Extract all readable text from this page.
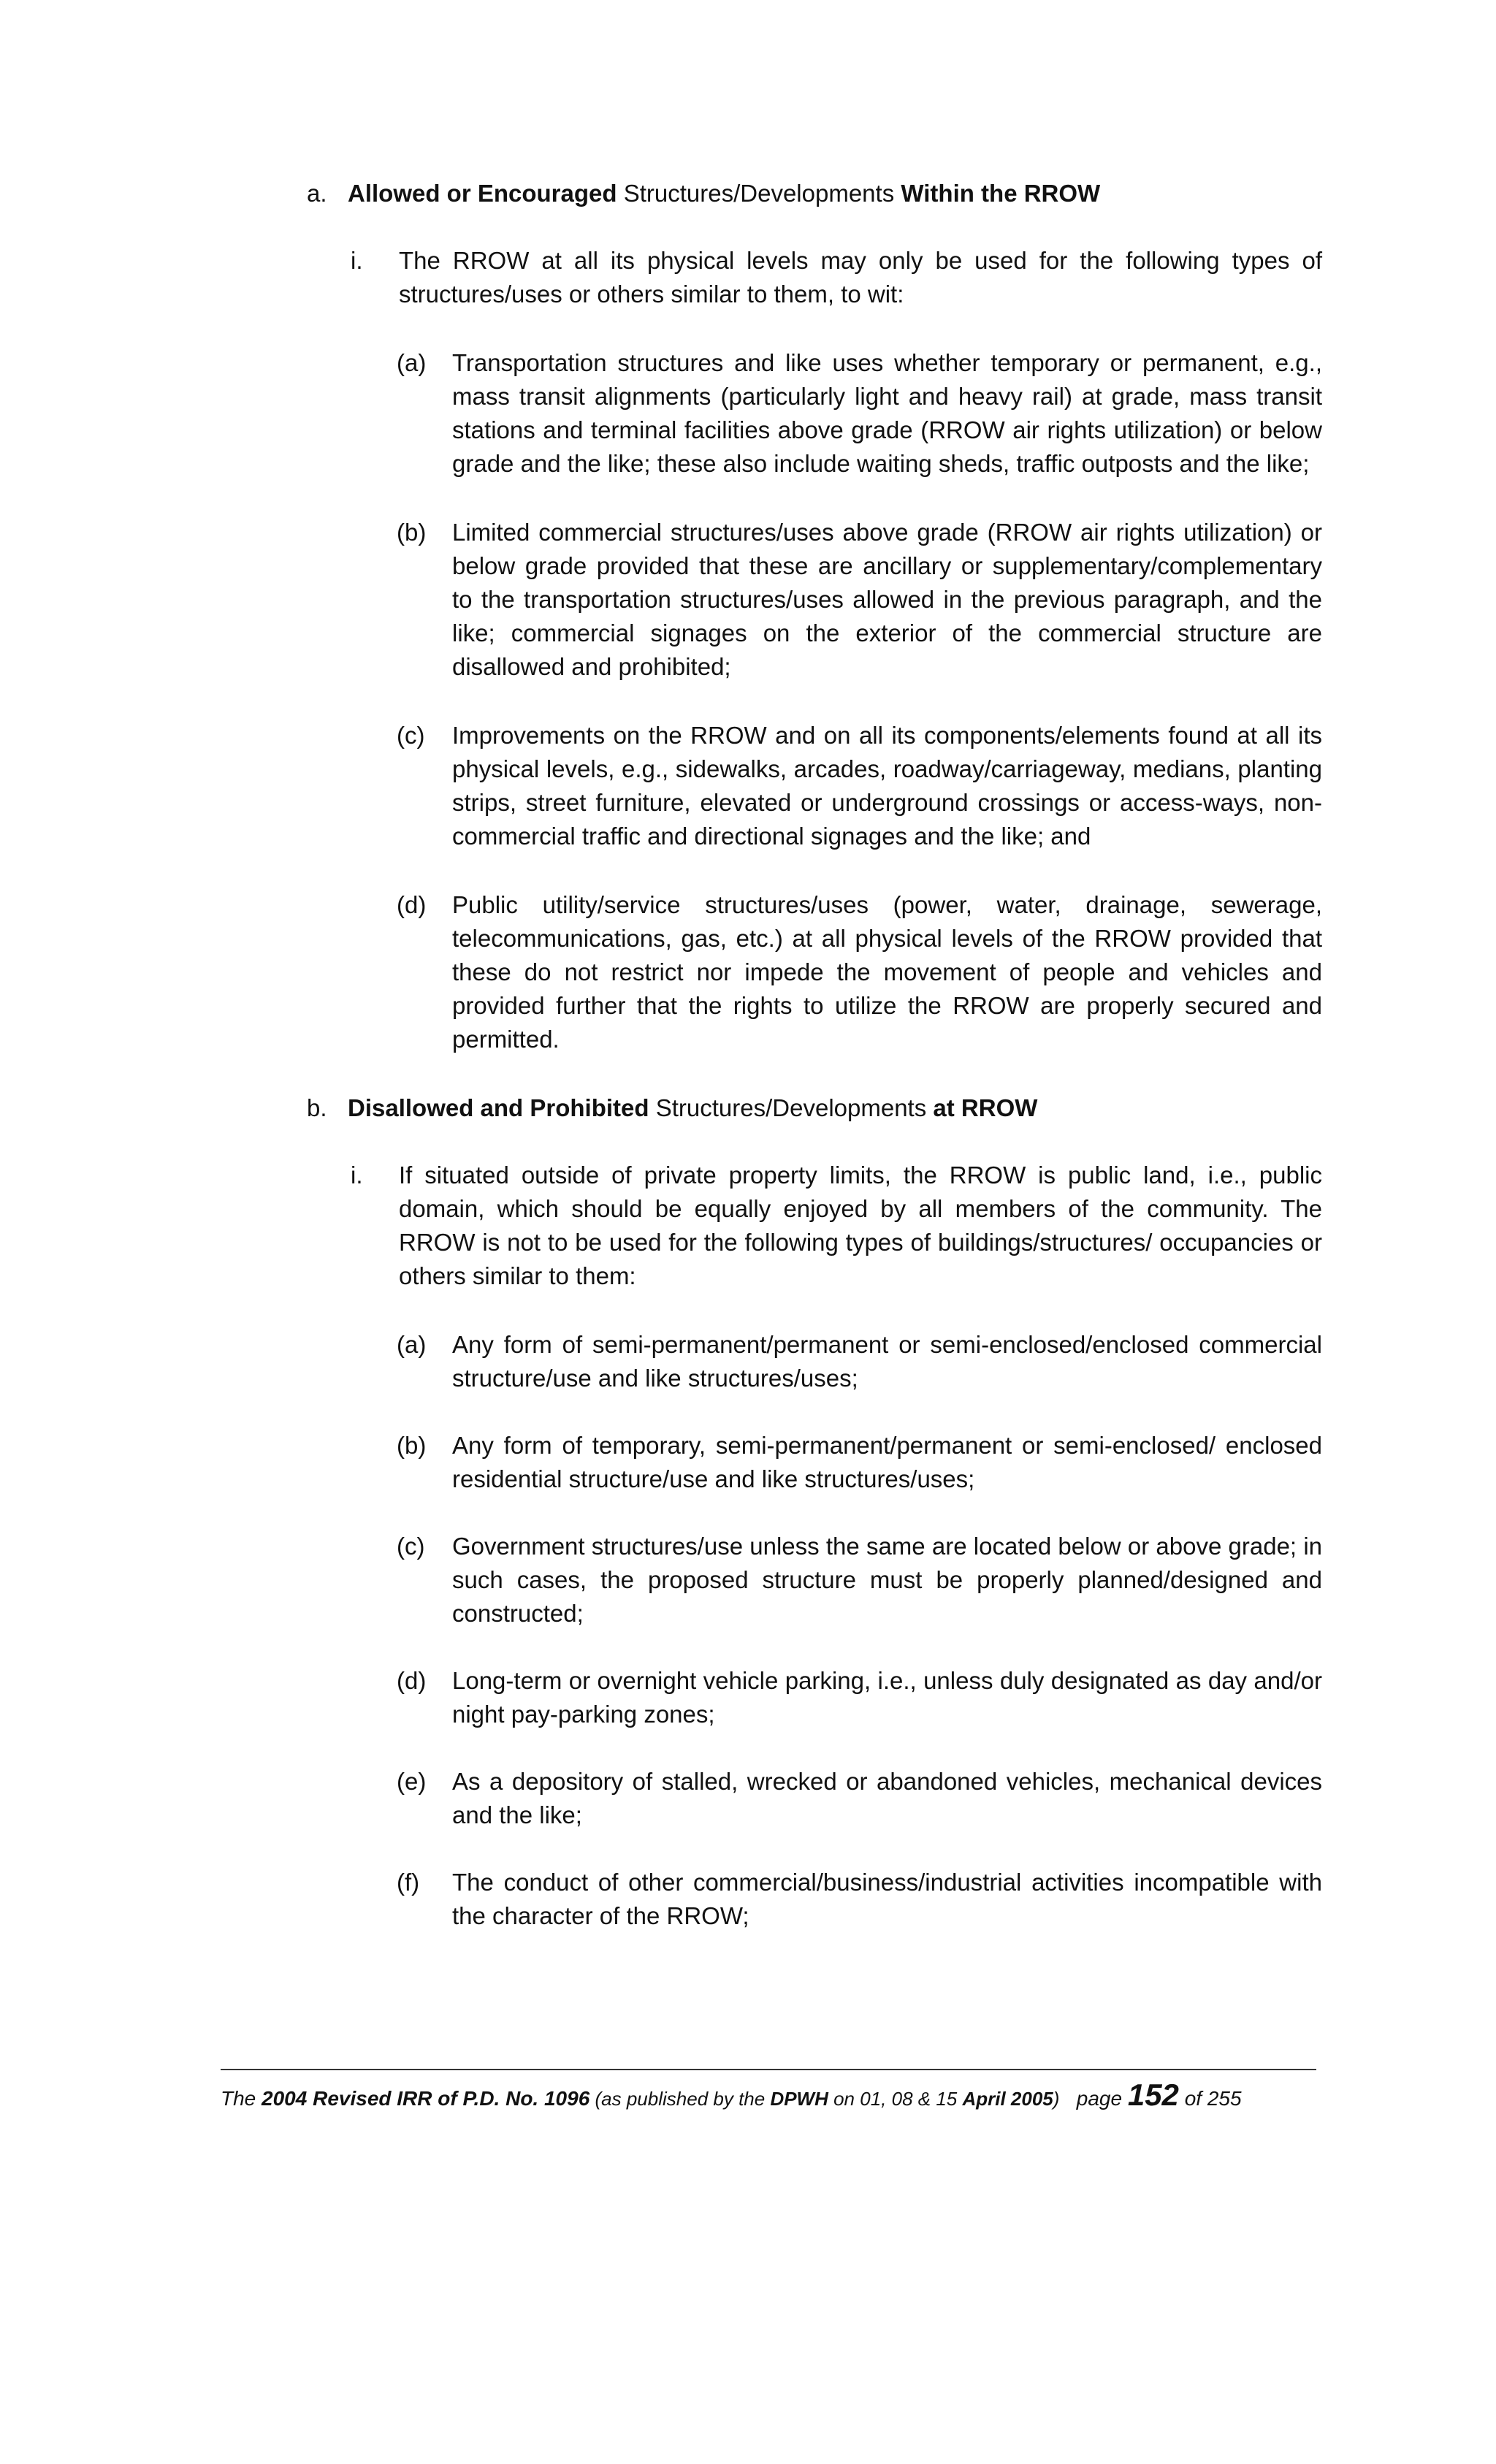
a. Allowed or Encouraged Structures/Developments Within the RROW
i. The RROW at all its physical levels may only be used for the following types of structures/uses or others similar to them, to wit:
(a) Transportation structures and like uses whether temporary or permanent, e.g., mass transit alignments (particularly light and heavy rail) at grade, mass transit stations and terminal facilities above grade (RROW air rights utilization) or below grade and the like; these also include waiting sheds, traffic outposts and the like;
(b) Limited commercial structures/uses above grade (RROW air rights utilization) or below grade provided that these are ancillary or supplementary/complementary to the transportation structures/uses allowed in the previous paragraph, and the like; commercial signages on the exterior of the commercial structure are disallowed and prohibited;
(c) Improvements on the RROW and on all its components/elements found at all its physical levels, e.g., sidewalks, arcades, roadway/carriageway, medians, planting strips, street furniture, elevated or underground crossings or access-ways, non-commercial traffic and directional signages and the like; and
(d) Public utility/service structures/uses (power, water, drainage, sewerage, telecommunications, gas, etc.) at all physical levels of the RROW provided that these do not restrict nor impede the movement of people and vehicles and provided further that the rights to utilize the RROW are properly secured and permitted.
b. Disallowed and Prohibited Structures/Developments at RROW
i. If situated outside of private property limits, the RROW is public land, i.e., public domain, which should be equally enjoyed by all members of the community. The RROW is not to be used for the following types of buildings/structures/ occupancies or others similar to them:
(a) Any form of semi-permanent/permanent or semi-enclosed/enclosed commercial structure/use and like structures/uses;
(b) Any form of temporary, semi-permanent/permanent or semi-enclosed/ enclosed residential structure/use and like structures/uses;
(c) Government structures/use unless the same are located below or above grade; in such cases, the proposed structure must be properly planned/designed and constructed;
(d) Long-term or overnight vehicle parking, i.e., unless duly designated as day and/or night pay-parking zones;
(e) As a depository of stalled, wrecked or abandoned vehicles, mechanical devices and the like;
(f) The conduct of other commercial/business/industrial activities incompatible with the character of the RROW;
The 2004 Revised IRR of P.D. No. 1096 (as published by the DPWH on 01, 08 & 15 April 2005)   page 152 of 255
